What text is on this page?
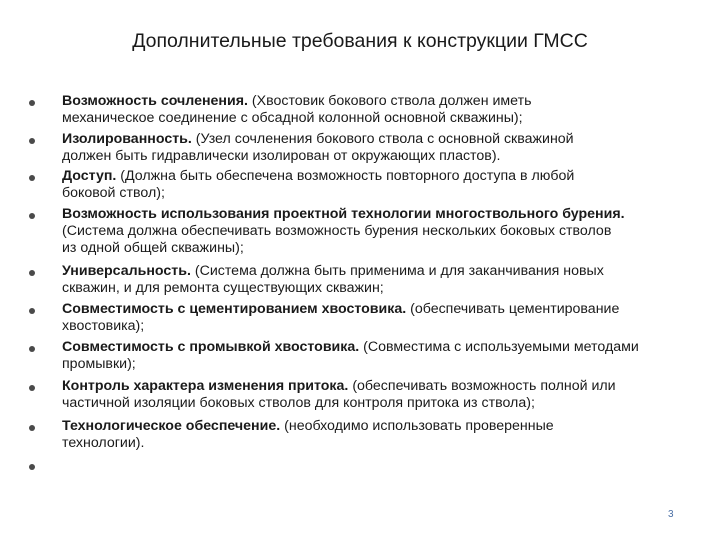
Дополнительные требования к конструкции ГМСС
Возможность сочленения. (Хвостовик бокового ствола должен иметь
механическое соединение с обсадной колонной основной скважины);
Изолированность. (Узел сочленения бокового ствола с основной скважиной
должен быть гидравлически изолирован от окружающих пластов).
Доступ. (Должна быть обеспечена возможность повторного доступа в любой
боковой ствол);
Возможность использования проектной технологии многоствольного бурения.
(Система должна обеспечивать возможность бурения нескольких боковых стволов
из одной общей скважины);
Универсальность. (Система должна быть применима и для заканчивания новых
скважин, и для ремонта существующих скважин;
Совместимость с цементированием хвостовика. (обеспечивать цементирование
хвостовика);
Совместимость с промывкой хвостовика. (Совместима с используемыми методами
промывки);
Контроль характера изменения притока. (обеспечивать возможность полной или
частичной изоляции боковых стволов для контроля притока из ствола);
Технологическое обеспечение. (необходимо использовать проверенные
технологии).
3
